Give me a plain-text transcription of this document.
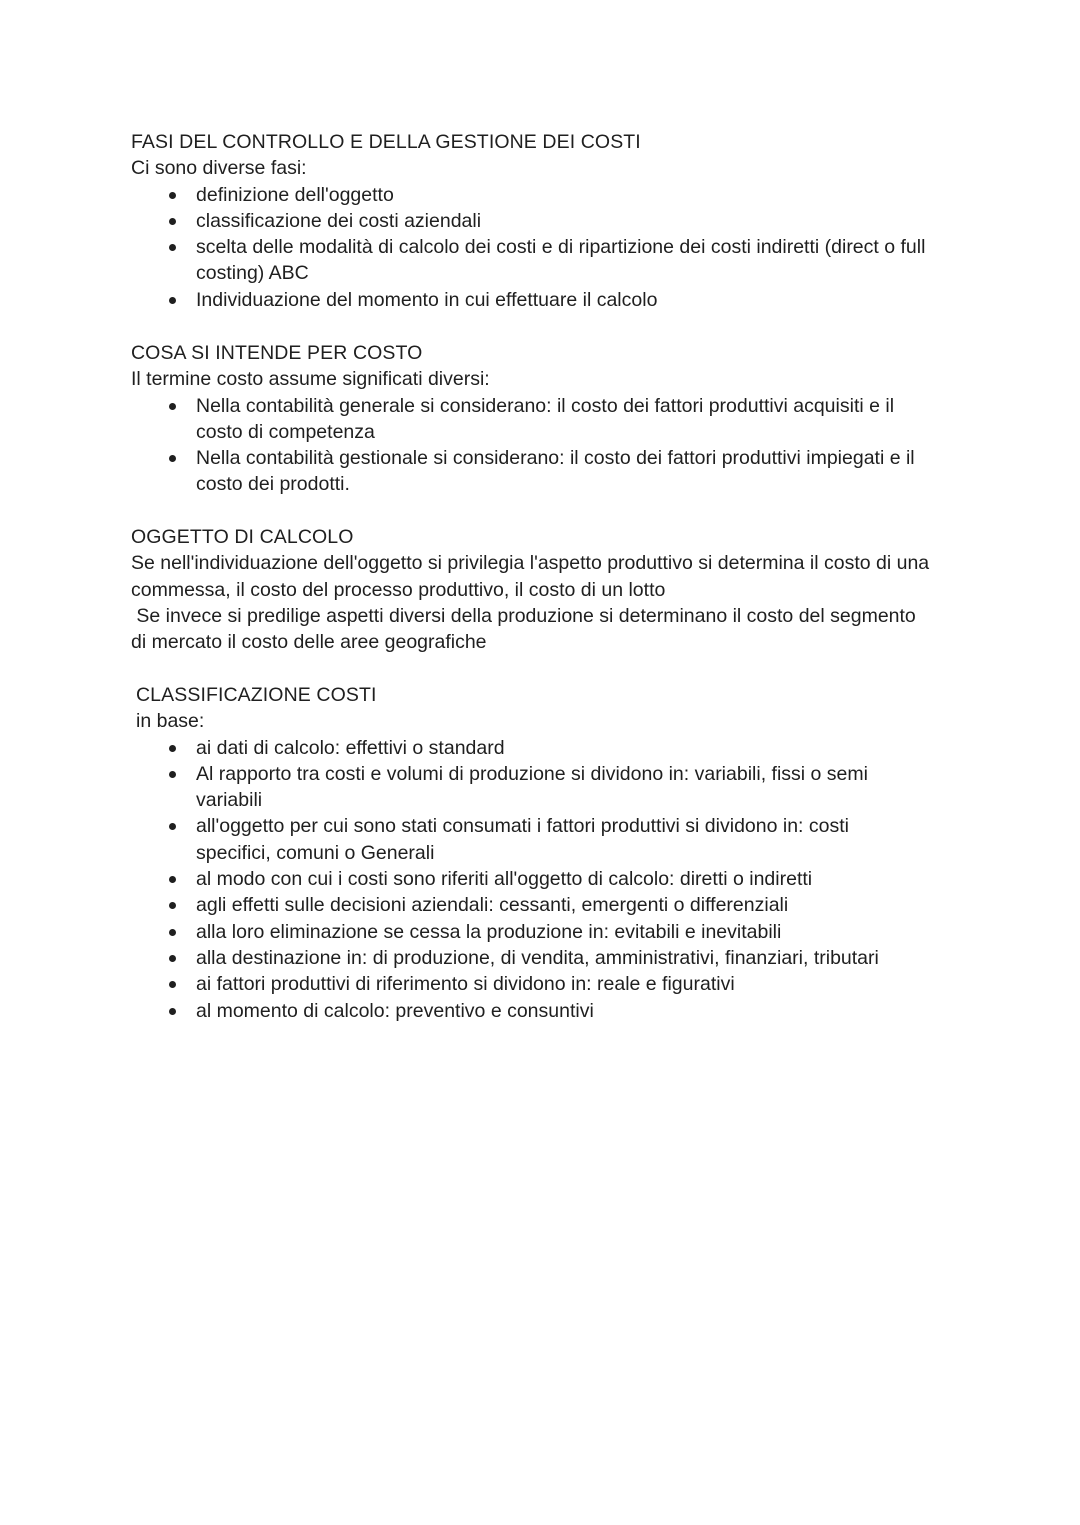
FASI DEL CONTROLLO E DELLA GESTIONE DEI COSTI

Ci sono diverse fasi:

definizione dell'oggetto
classificazione dei costi aziendali
scelta delle modalità di calcolo dei costi e di ripartizione dei costi indiretti (direct o full costing) ABC
Individuazione del momento in cui effettuare il calcolo

COSA SI INTENDE PER COSTO

Il termine costo assume significati diversi:

Nella contabilità generale si considerano: il costo dei fattori produttivi acquisiti e il costo di competenza
Nella contabilità gestionale si considerano: il costo dei fattori produttivi impiegati e il costo dei prodotti.

OGGETTO DI CALCOLO

Se nell'individuazione dell'oggetto si privilegia l'aspetto produttivo si determina il costo di una

commessa, il costo del processo produttivo, il costo di un lotto

Se invece si predilige aspetti diversi della produzione si determinano il costo del segmento

di mercato il costo delle aree geografiche

CLASSIFICAZIONE COSTI

in base:

ai dati di calcolo: effettivi o standard
Al rapporto tra costi e volumi di produzione si dividono in: variabili, fissi o semi variabili
all'oggetto per cui sono stati consumati i fattori produttivi si dividono in: costi specifici, comuni o Generali
al modo con cui i costi sono riferiti all'oggetto di calcolo: diretti o indiretti
agli effetti sulle decisioni aziendali: cessanti, emergenti o differenziali
alla loro eliminazione se cessa la produzione in: evitabili e inevitabili
alla destinazione in: di produzione, di vendita, amministrativi, finanziari, tributari
ai fattori produttivi di riferimento si dividono in: reale e figurativi
al momento di calcolo: preventivo e consuntivi
